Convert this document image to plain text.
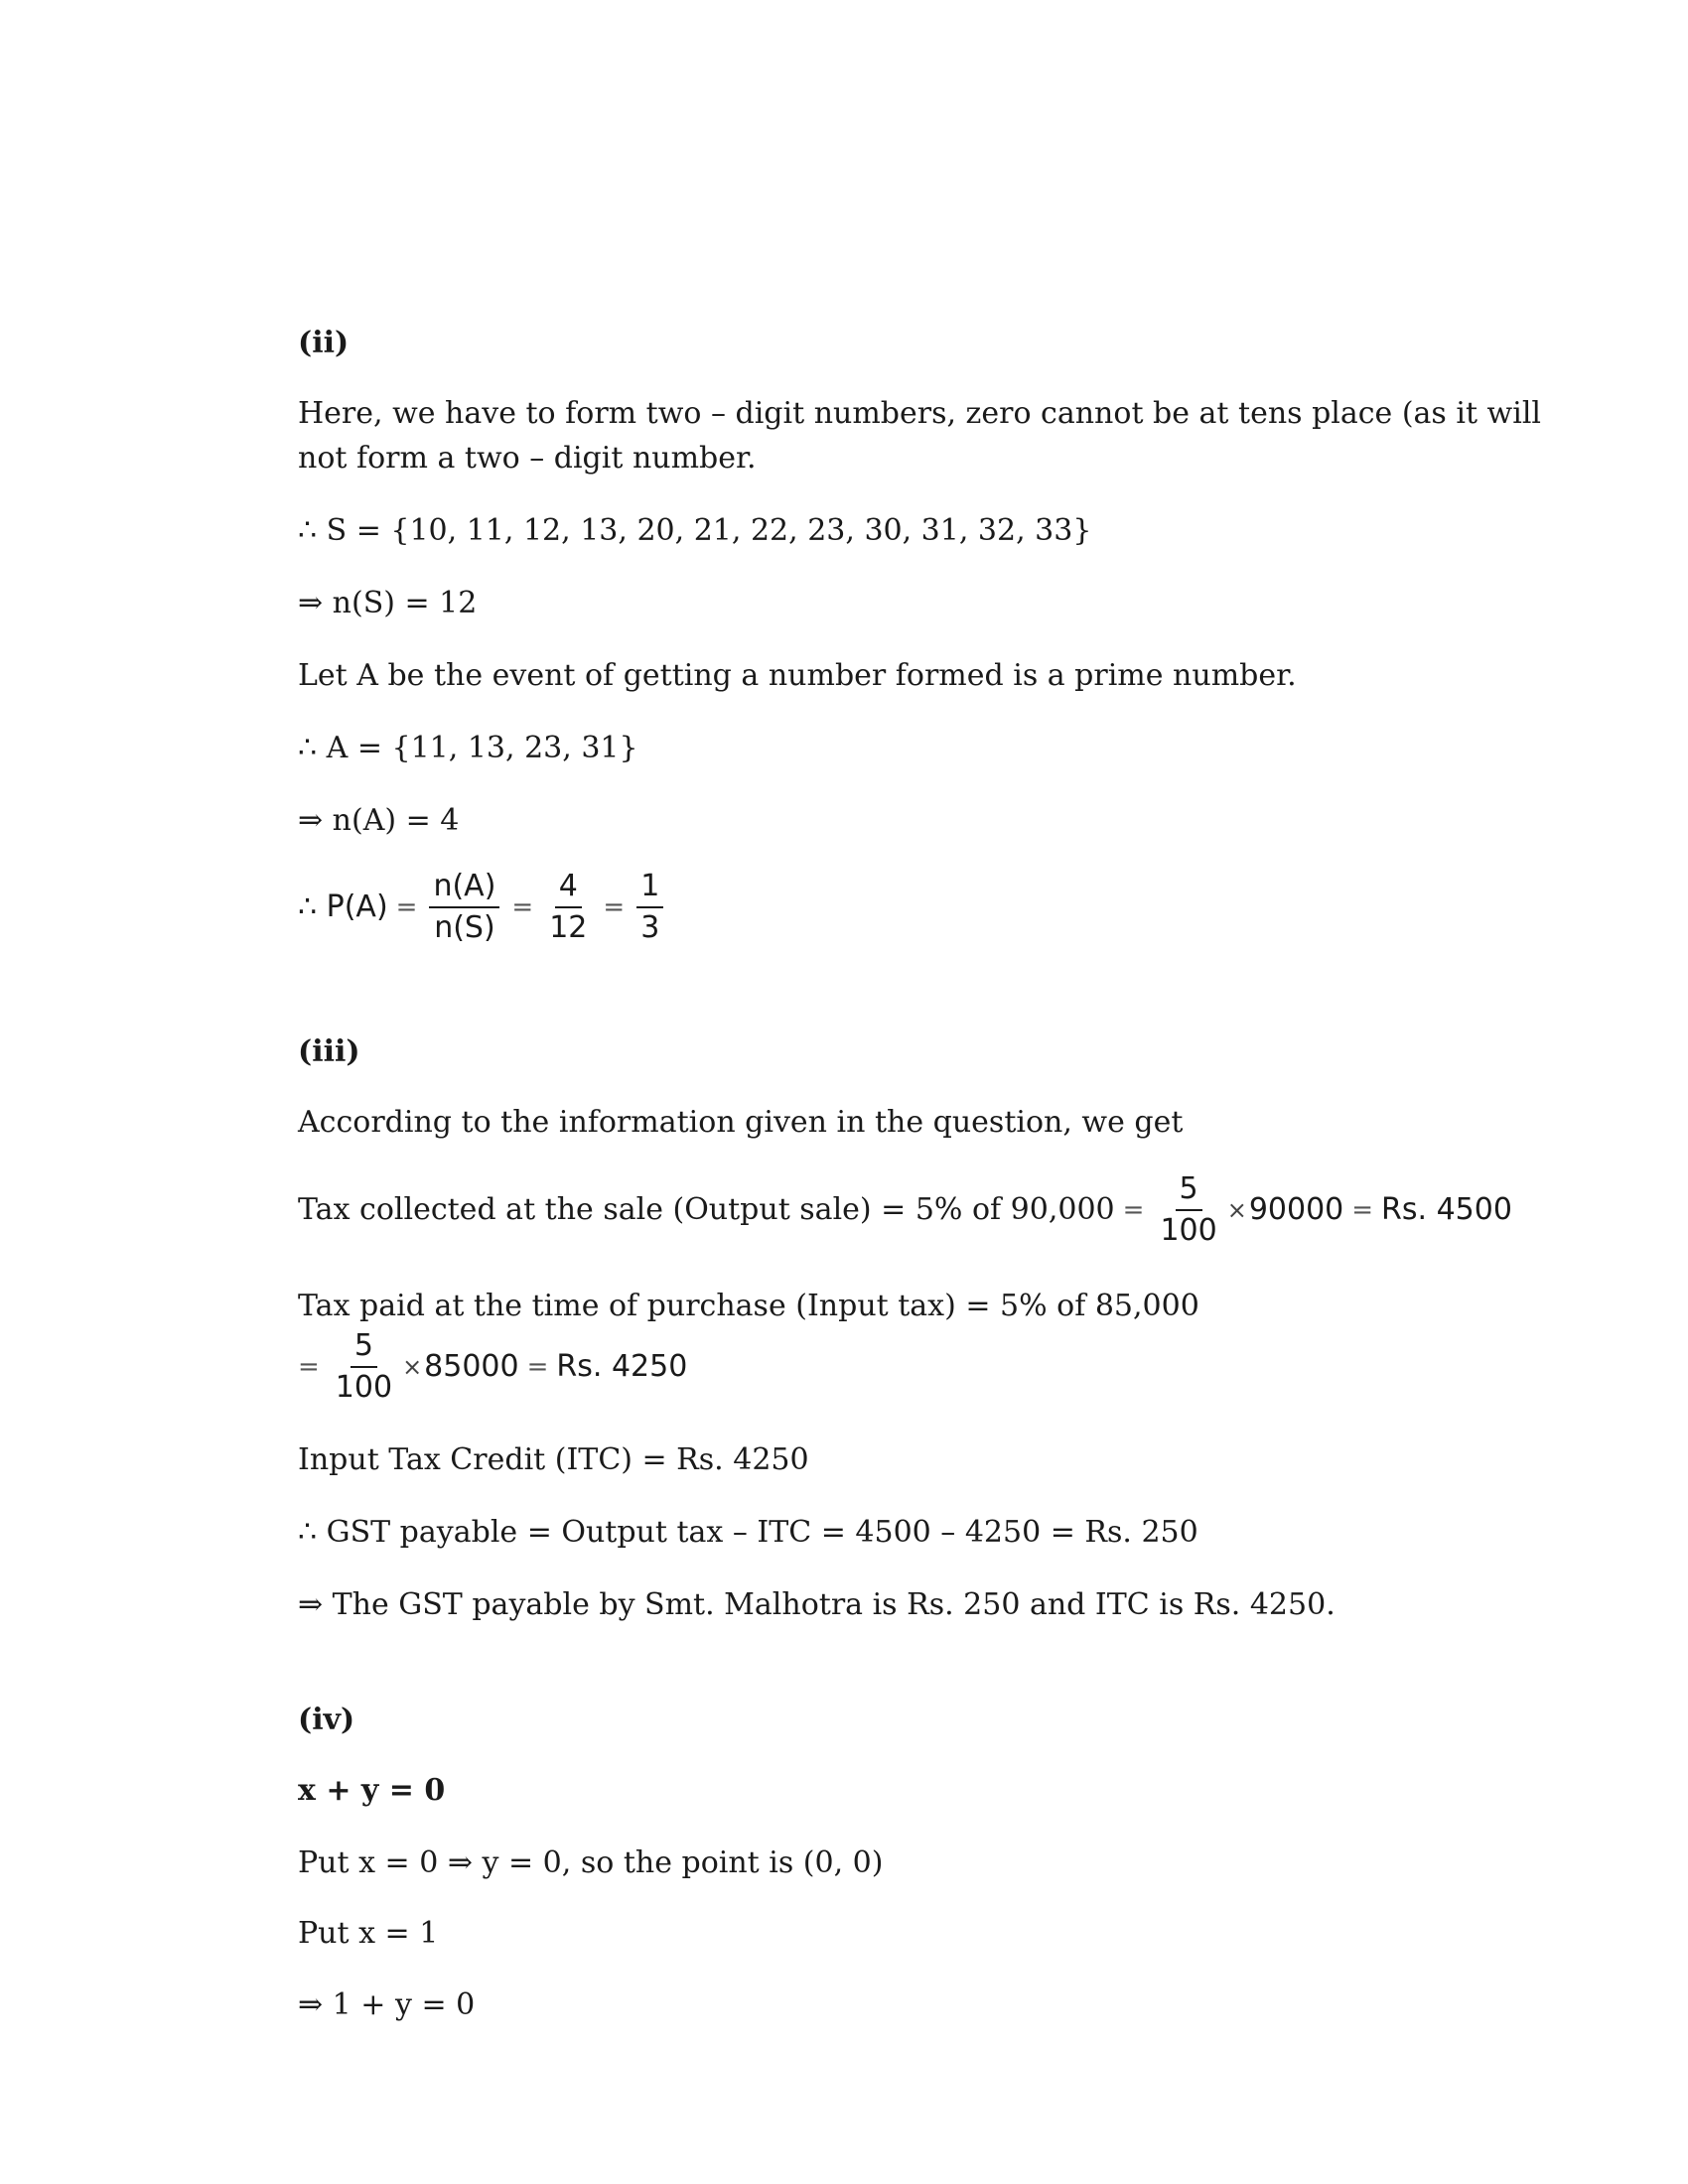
(ii)
Here, we have to form two – digit numbers, zero cannot be at tens place (as it will
not form a two – digit number.
∴ S = {10, 11, 12, 13, 20, 21, 22, 23, 30, 31, 32, 33}
⇒ n(S) = 12
Let A be the event of getting a number formed is a prime number.
∴ A = {11, 13, 23, 31}
⇒ n(A) = 4
∴ $P(A) = \frac{n(A)}{n(S)} = \frac{4}{12} = \frac{1}{3}$
(iii)
According to the information given in the question, we get
Tax collected at the sale (Output sale) = 5% of $90,000 = \frac{5}{100} \times 90000 = Rs$. 4500
Tax paid at the time of purchase (Input tax) = 5% of 85,000
= $\frac{5}{100} \times 85000 = Rs$. 4250
Input Tax Credit (ITC) = Rs. 4250
∴ GST payable = Output tax – ITC = 4500 – 4250 = Rs. 250
⇒ The GST payable by Smt. Malhotra is Rs. 250 and ITC is Rs. 4250.
(iv)
x + y = 0
Put x = 0 ⇒ y = 0, so the point is (0, 0)
Put x = 1
⇒ 1 + y = 0
